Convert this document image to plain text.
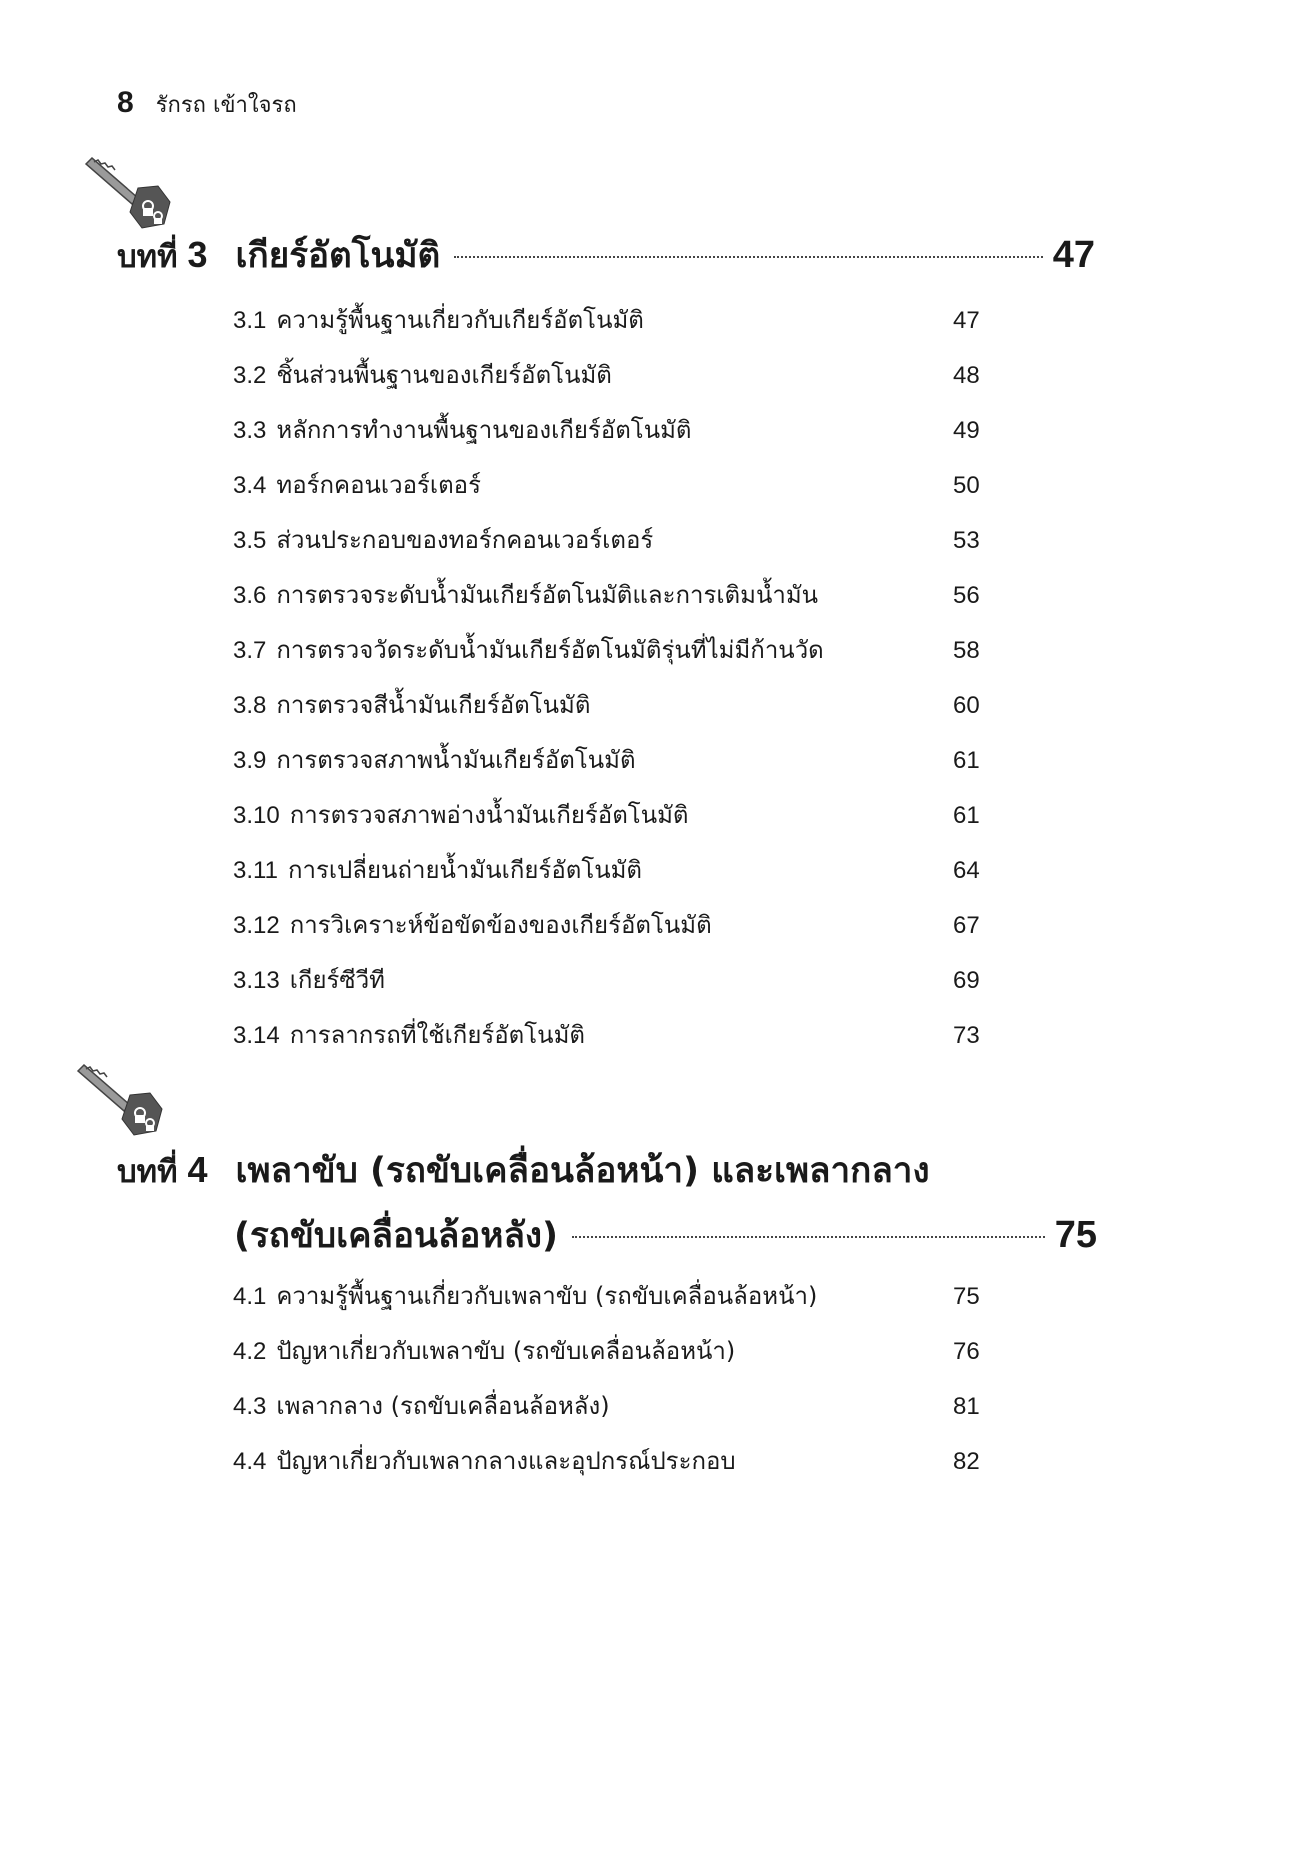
8 รักรถ เข้าใจรถ
บทที่ 3 เกียร์อัตโนมัติ	47
3.1 ความรู้พื้นฐานเกี่ยวกับเกียร์อัตโนมัติ	47
3.2 ชิ้นส่วนพื้นฐานของเกียร์อัตโนมัติ	48
3.3 หลักการทำงานพื้นฐานของเกียร์อัตโนมัติ	49
3.4 ทอร์กคอนเวอร์เตอร์	50
3.5 ส่วนประกอบของทอร์กคอนเวอร์เตอร์	53
3.6 การตรวจระดับน้ำมันเกียร์อัตโนมัติและการเติมน้ำมัน	56
3.7 การตรวจวัดระดับน้ำมันเกียร์อัตโนมัติรุ่นที่ไม่มีก้านวัด	58
3.8 การตรวจสีน้ำมันเกียร์อัตโนมัติ	60
3.9 การตรวจสภาพน้ำมันเกียร์อัตโนมัติ	61
3.10 การตรวจสภาพอ่างน้ำมันเกียร์อัตโนมัติ	61
3.11 การเปลี่ยนถ่ายน้ำมันเกียร์อัตโนมัติ	64
3.12 การวิเคราะห์ข้อขัดข้องของเกียร์อัตโนมัติ	67
3.13 เกียร์ซีวีที	69
3.14 การลากรถที่ใช้เกียร์อัตโนมัติ	73
บทที่ 4 เพลาขับ (รถขับเคลื่อนล้อหน้า) และเพลากลาง
(รถขับเคลื่อนล้อหลัง)	75
4.1 ความรู้พื้นฐานเกี่ยวกับเพลาขับ (รถขับเคลื่อนล้อหน้า)	75
4.2 ปัญหาเกี่ยวกับเพลาขับ (รถขับเคลื่อนล้อหน้า)	76
4.3 เพลากลาง (รถขับเคลื่อนล้อหลัง)	81
4.4 ปัญหาเกี่ยวกับเพลากลางและอุปกรณ์ประกอบ	82
